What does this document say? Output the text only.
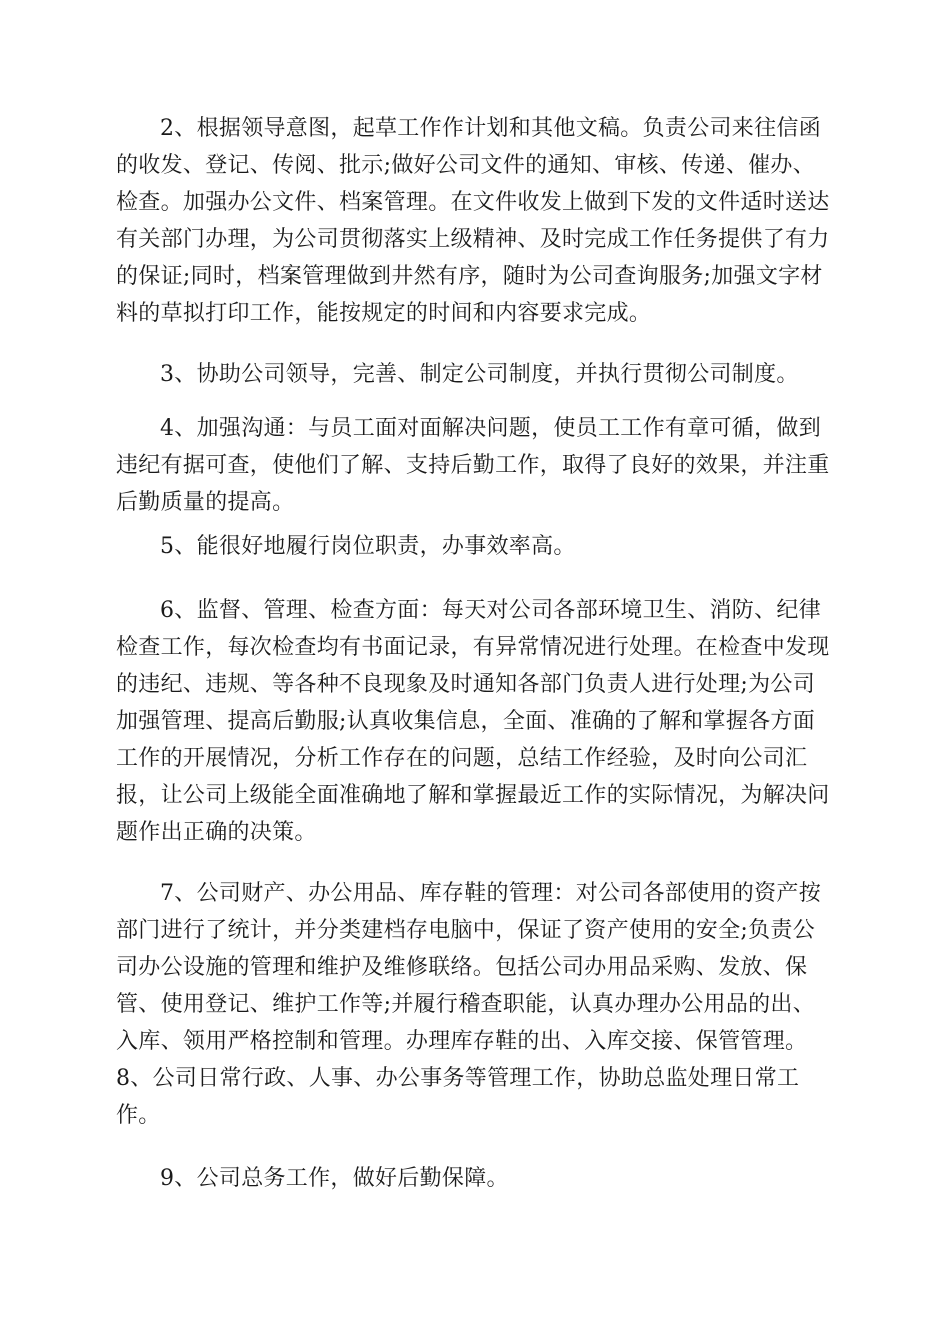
2、根据领导意图，起草工作作计划和其他文稿。负责公司来往信函
的收发、登记、传阅、批示;做好公司文件的通知、审核、传递、催办、
检查。加强办公文件、档案管理。在文件收发上做到下发的文件适时送达
有关部门办理，为公司贯彻落实上级精神、及时完成工作任务提供了有力
的保证;同时，档案管理做到井然有序，随时为公司查询服务;加强文字材
料的草拟打印工作，能按规定的时间和内容要求完成。
3、协助公司领导，完善、制定公司制度，并执行贯彻公司制度。
4、加强沟通：与员工面对面解决问题，使员工工作有章可循，做到
违纪有据可查，使他们了解、支持后勤工作，取得了良好的效果，并注重
后勤质量的提高。
5、能很好地履行岗位职责，办事效率高。
6、监督、管理、检查方面：每天对公司各部环境卫生、消防、纪律
检查工作，每次检查均有书面记录，有异常情况进行处理。在检查中发现
的违纪、违规、等各种不良现象及时通知各部门负责人进行处理;为公司
加强管理、提高后勤服;认真收集信息，全面、准确的了解和掌握各方面
工作的开展情况，分析工作存在的问题，总结工作经验，及时向公司汇
报，让公司上级能全面准确地了解和掌握最近工作的实际情况，为解决问
题作出正确的决策。
7、公司财产、办公用品、库存鞋的管理：对公司各部使用的资产按
部门进行了统计，并分类建档存电脑中，保证了资产使用的安全;负责公
司办公设施的管理和维护及维修联络。包括公司办用品采购、发放、保
管、使用登记、维护工作等;并履行稽查职能，认真办理办公用品的出、
入库、领用严格控制和管理。办理库存鞋的出、入库交接、保管管理。
8、公司日常行政、人事、办公事务等管理工作，协助总监处理日常工
作。
9、公司总务工作，做好后勤保障。
